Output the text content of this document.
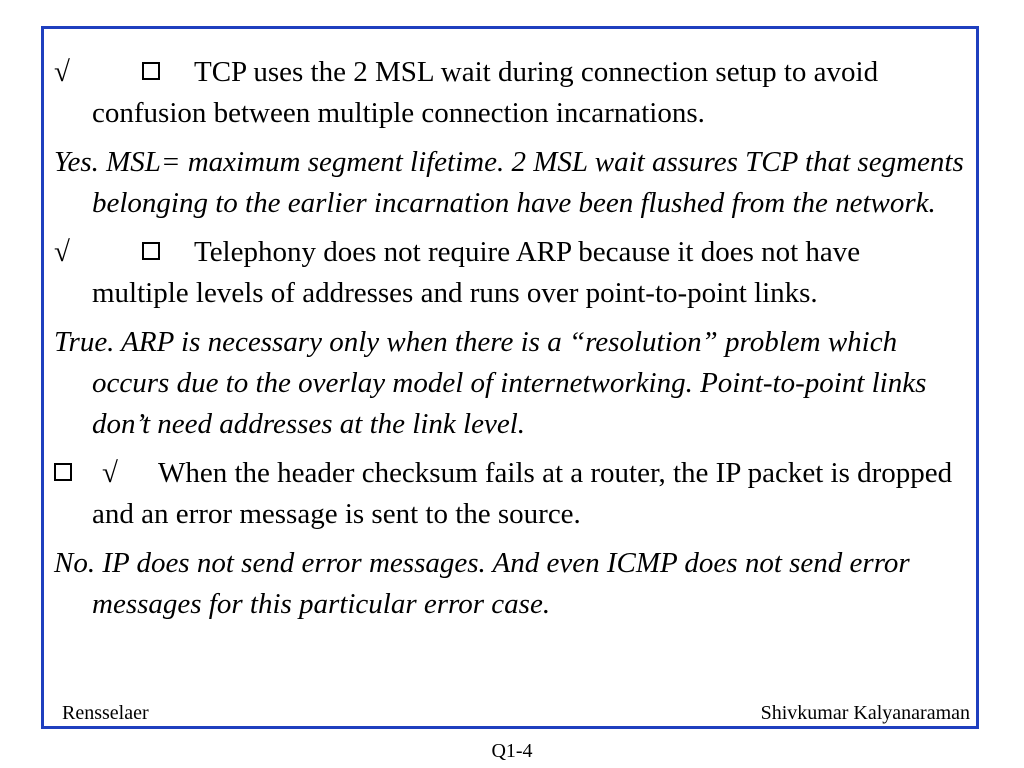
√	TCP uses the 2 MSL wait during connection setup to avoid confusion between multiple connection incarnations.

Yes. MSL= maximum segment lifetime. 2 MSL wait assures TCP that segments belonging to the earlier incarnation have been flushed from the network.

√	Telephony does not require ARP because it does not have multiple levels of addresses and runs over point-to-point links.

True. ARP is necessary only when there is a “resolution” problem which occurs due to the overlay model of internetworking. Point-to-point links don’t need addresses at the link level.

√ When the header checksum fails at a router, the IP packet is dropped and an error message is sent to the source.

No. IP does not send error messages. And even ICMP does not send error messages for this particular error case.

Rensselaer	Shivkumar Kalyanaraman
Q1-4
